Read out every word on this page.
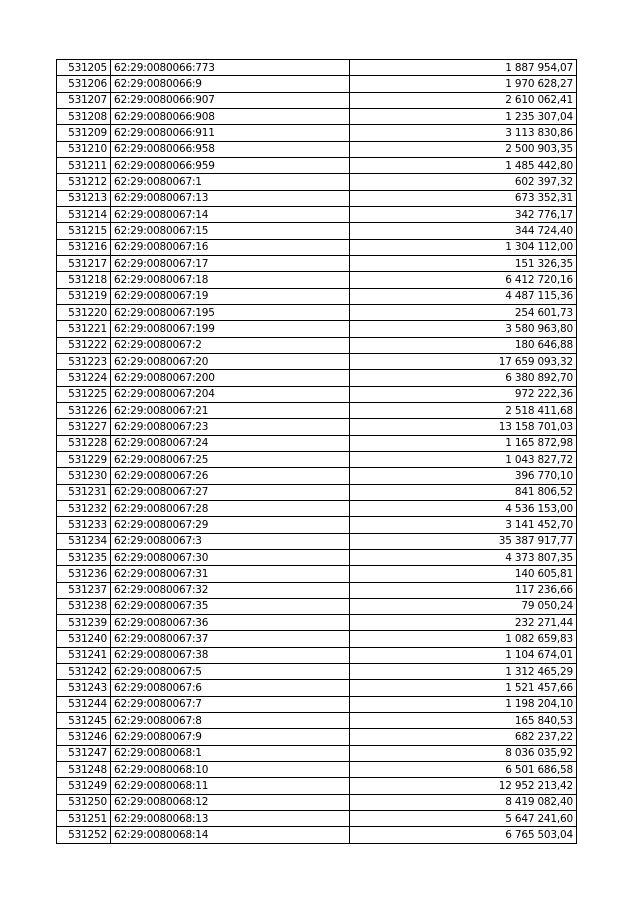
531205	62:29:0080066:773	1 887 954,07
531206	62:29:0080066:9	1 970 628,27
531207	62:29:0080066:907	2 610 062,41
531208	62:29:0080066:908	1 235 307,04
531209	62:29:0080066:911	3 113 830,86
531210	62:29:0080066:958	2 500 903,35
531211	62:29:0080066:959	1 485 442,80
531212	62:29:0080067:1	602 397,32
531213	62:29:0080067:13	673 352,31
531214	62:29:0080067:14	342 776,17
531215	62:29:0080067:15	344 724,40
531216	62:29:0080067:16	1 304 112,00
531217	62:29:0080067:17	151 326,35
531218	62:29:0080067:18	6 412 720,16
531219	62:29:0080067:19	4 487 115,36
531220	62:29:0080067:195	254 601,73
531221	62:29:0080067:199	3 580 963,80
531222	62:29:0080067:2	180 646,88
531223	62:29:0080067:20	17 659 093,32
531224	62:29:0080067:200	6 380 892,70
531225	62:29:0080067:204	972 222,36
531226	62:29:0080067:21	2 518 411,68
531227	62:29:0080067:23	13 158 701,03
531228	62:29:0080067:24	1 165 872,98
531229	62:29:0080067:25	1 043 827,72
531230	62:29:0080067:26	396 770,10
531231	62:29:0080067:27	841 806,52
531232	62:29:0080067:28	4 536 153,00
531233	62:29:0080067:29	3 141 452,70
531234	62:29:0080067:3	35 387 917,77
531235	62:29:0080067:30	4 373 807,35
531236	62:29:0080067:31	140 605,81
531237	62:29:0080067:32	117 236,66
531238	62:29:0080067:35	79 050,24
531239	62:29:0080067:36	232 271,44
531240	62:29:0080067:37	1 082 659,83
531241	62:29:0080067:38	1 104 674,01
531242	62:29:0080067:5	1 312 465,29
531243	62:29:0080067:6	1 521 457,66
531244	62:29:0080067:7	1 198 204,10
531245	62:29:0080067:8	165 840,53
531246	62:29:0080067:9	682 237,22
531247	62:29:0080068:1	8 036 035,92
531248	62:29:0080068:10	6 501 686,58
531249	62:29:0080068:11	12 952 213,42
531250	62:29:0080068:12	8 419 082,40
531251	62:29:0080068:13	5 647 241,60
531252	62:29:0080068:14	6 765 503,04
